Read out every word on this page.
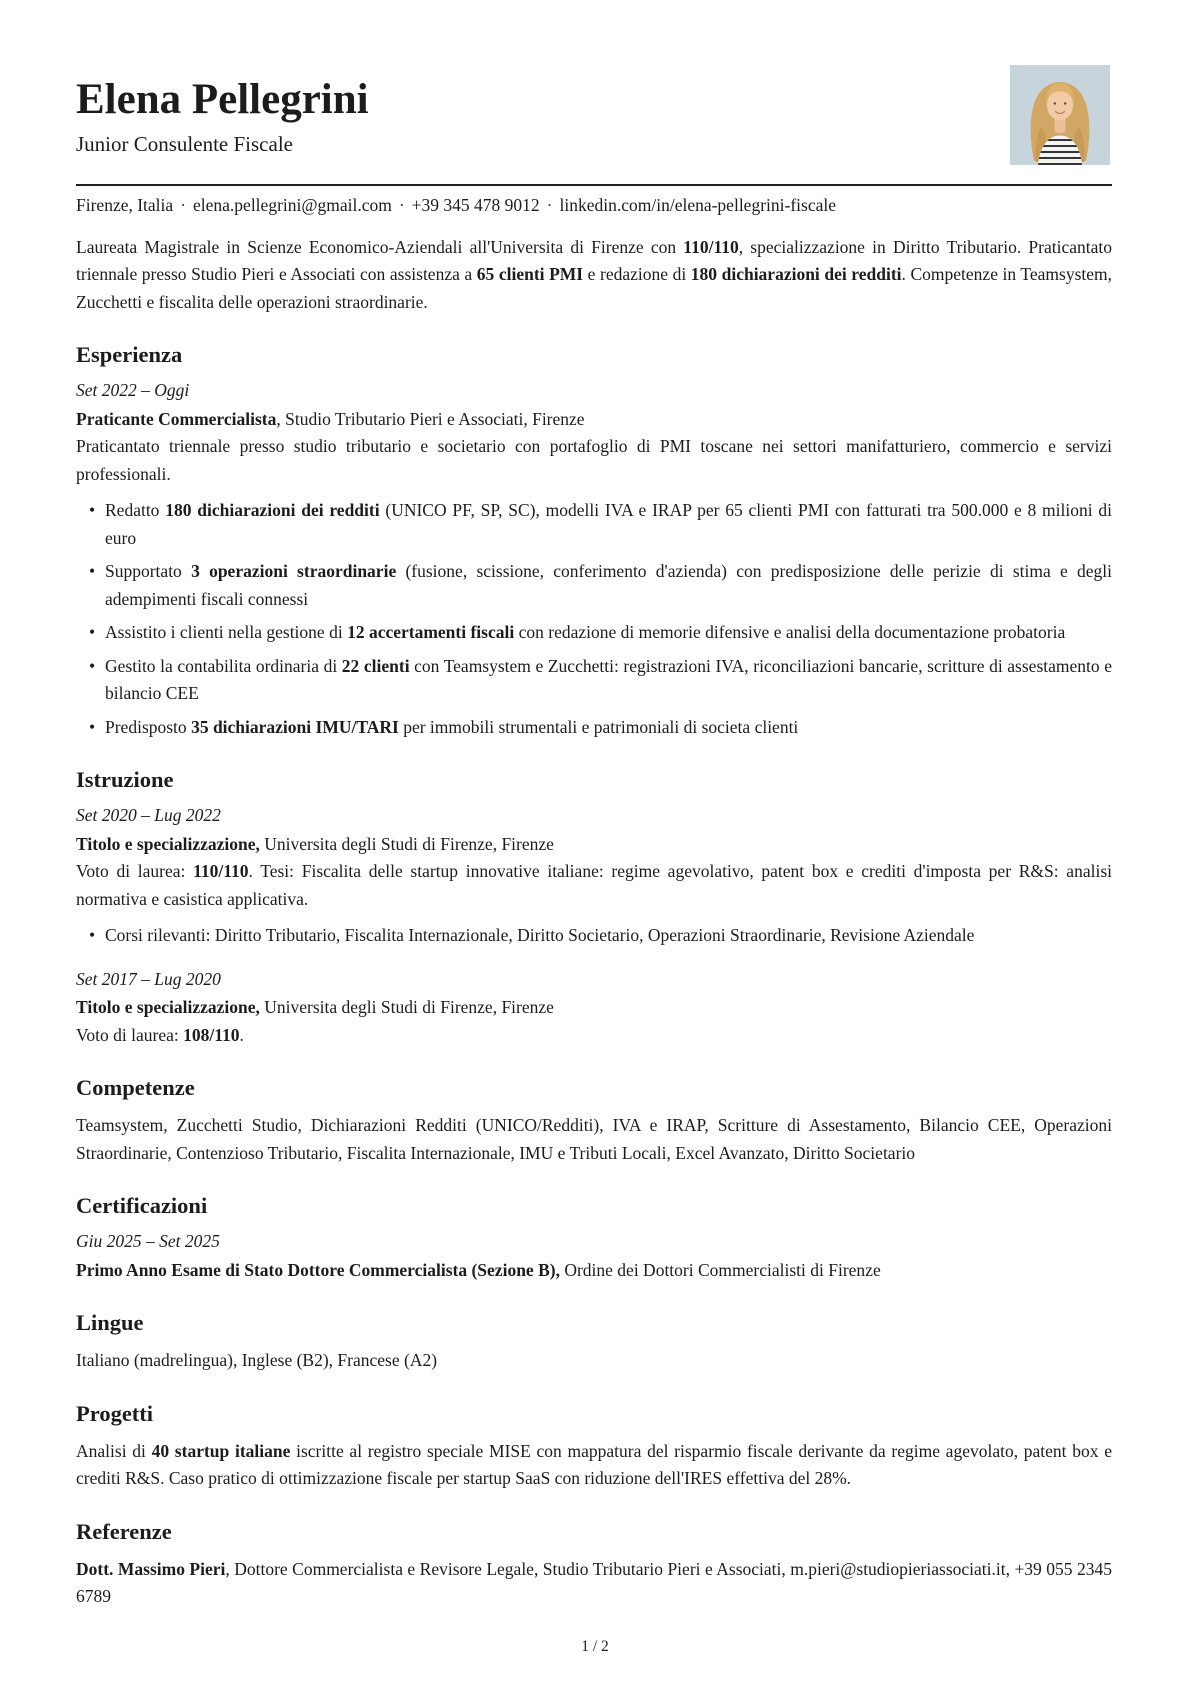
Elena Pellegrini
Junior Consulente Fiscale
Firenze, Italia · elena.pellegrini@gmail.com · +39 345 478 9012 · linkedin.com/in/elena-pellegrini-fiscale

Laureata Magistrale in Scienze Economico-Aziendali all'Universita di Firenze con 110/110, specializzazione in Diritto Tributario. Praticantato triennale presso Studio Pieri e Associati con assistenza a 65 clienti PMI e redazione di 180 dichiarazioni dei redditi. Competenze in Teamsystem, Zucchetti e fiscalita delle operazioni straordinarie.

Esperienza

Set 2022 – Oggi

Praticante Commercialista, Studio Tributario Pieri e Associati, Firenze

Praticantato triennale presso studio tributario e societario con portafoglio di PMI toscane nei settori manifatturiero, commercio e servizi professionali.

• Redatto 180 dichiarazioni dei redditi (UNICO PF, SP, SC), modelli IVA e IRAP per 65 clienti PMI con fatturati tra 500.000 e 8 milioni di euro
• Supportato 3 operazioni straordinarie (fusione, scissione, conferimento d'azienda) con predisposizione delle perizie di stima e degli adempimenti fiscali connessi
• Assistito i clienti nella gestione di 12 accertamenti fiscali con redazione di memorie difensive e analisi della documentazione probatoria
• Gestito la contabilita ordinaria di 22 clienti con Teamsystem e Zucchetti: registrazioni IVA, riconciliazioni bancarie, scritture di assestamento e bilancio CEE
• Predisposto 35 dichiarazioni IMU/TARI per immobili strumentali e patrimoniali di societa clienti
Istruzione

Set 2020 – Lug 2022

Titolo e specializzazione, Universita degli Studi di Firenze, Firenze

Voto di laurea: 110/110. Tesi: Fiscalita delle startup innovative italiane: regime agevolativo, patent box e crediti d'imposta per R&S: analisi normativa e casistica applicativa.

• Corsi rilevanti: Diritto Tributario, Fiscalita Internazionale, Diritto Societario, Operazioni Straordinarie, Revisione Aziendale

Set 2017 – Lug 2020

Titolo e specializzazione, Universita degli Studi di Firenze, Firenze

Voto di laurea: 108/110.

Competenze

Teamsystem, Zucchetti Studio, Dichiarazioni Redditi (UNICO/Redditi), IVA e IRAP, Scritture di Assestamento, Bilancio CEE, Operazioni Straordinarie, Contenzioso Tributario, Fiscalita Internazionale, IMU e Tributi Locali, Excel Avanzato, Diritto Societario

Certificazioni

Giu 2025 – Set 2025

Primo Anno Esame di Stato Dottore Commercialista (Sezione B), Ordine dei Dottori Commercialisti di Firenze

Lingue

Italiano (madrelingua), Inglese (B2), Francese (A2)

Progetti

Analisi di 40 startup italiane iscritte al registro speciale MISE con mappatura del risparmio fiscale derivante da regime agevolato, patent box e crediti R&S. Caso pratico di ottimizzazione fiscale per startup SaaS con riduzione dell'IRES effettiva del 28%.

Referenze

Dott. Massimo Pieri, Dottore Commercialista e Revisore Legale, Studio Tributario Pieri e Associati, m.pieri@studiopieriassociati.it, +39 055 2345 6789

1 / 2
